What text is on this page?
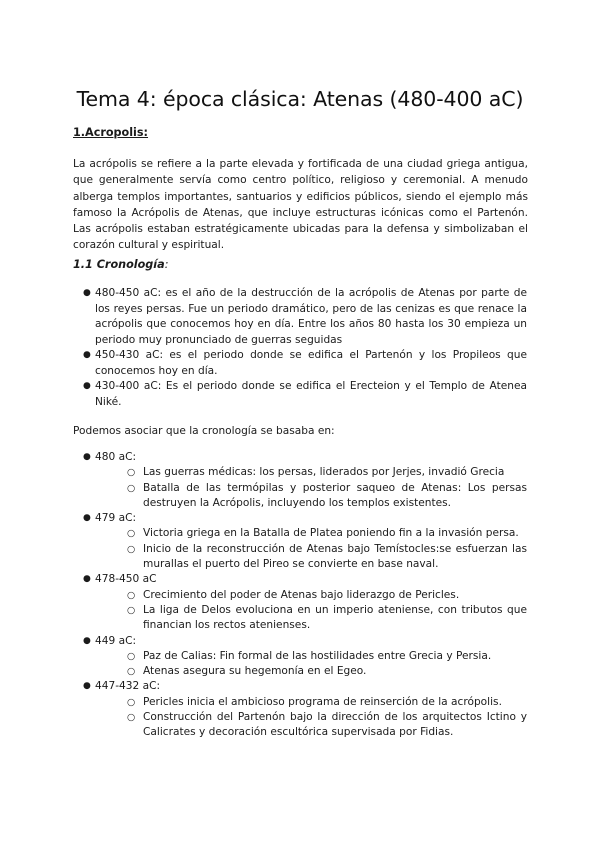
Tema 4: época clásica: Atenas (480-400 aC)
1.Acropolis:
La acrópolis se refiere a la parte elevada y fortificada de una ciudad griega antigua, que generalmente servía como centro político, religioso y ceremonial. A menudo alberga templos importantes, santuarios y edificios públicos, siendo el ejemplo más famoso la Acrópolis de Atenas, que incluye estructuras icónicas como el Partenón. Las acrópolis estaban estratégicamente ubicadas para la defensa y simbolizaban el corazón cultural y espiritual.
1.1 Cronología:
● 480-450 aC: es el año de la destrucción de la acrópolis de Atenas por parte de los reyes persas. Fue un periodo dramático, pero de las cenizas es que renace la acrópolis que conocemos hoy en día. Entre los años 80 hasta los 30 empieza un periodo muy pronunciado de guerras seguidas
● 450-430 aC: es el periodo donde se edifica el Partenón y los Propileos que conocemos hoy en día.
● 430-400 aC: Es el periodo donde se edifica el Erecteion y el Templo de Atenea Niké.
Podemos asociar que la cronología se basaba en:
● 480 aC:
○ Las guerras médicas: los persas, liderados por Jerjes, invadió Grecia
○ Batalla de las termópilas y posterior saqueo de Atenas: Los persas destruyen la Acrópolis, incluyendo los templos existentes.
● 479 aC:
○ Victoria griega en la Batalla de Platea poniendo fin a la invasión persa.
○ Inicio de la reconstrucción de Atenas bajo Temístocles:se esfuerzan las murallas el puerto del Pireo se convierte en base naval.
● 478-450 aC
○ Crecimiento del poder de Atenas bajo liderazgo de Pericles.
○ La liga de Delos evoluciona en un imperio ateniense, con tributos que financian los rectos atenienses.
● 449 aC:
○ Paz de Calias: Fin formal de las hostilidades entre Grecia y Persia.
○ Atenas asegura su hegemonía en el Egeo.
● 447-432 aC:
○ Pericles inicia el ambicioso programa de reinserción de la acrópolis.
○ Construcción del Partenón bajo la dirección de los arquitectos Ictino y Calicrates y decoración escultórica supervisada por Fidias.
